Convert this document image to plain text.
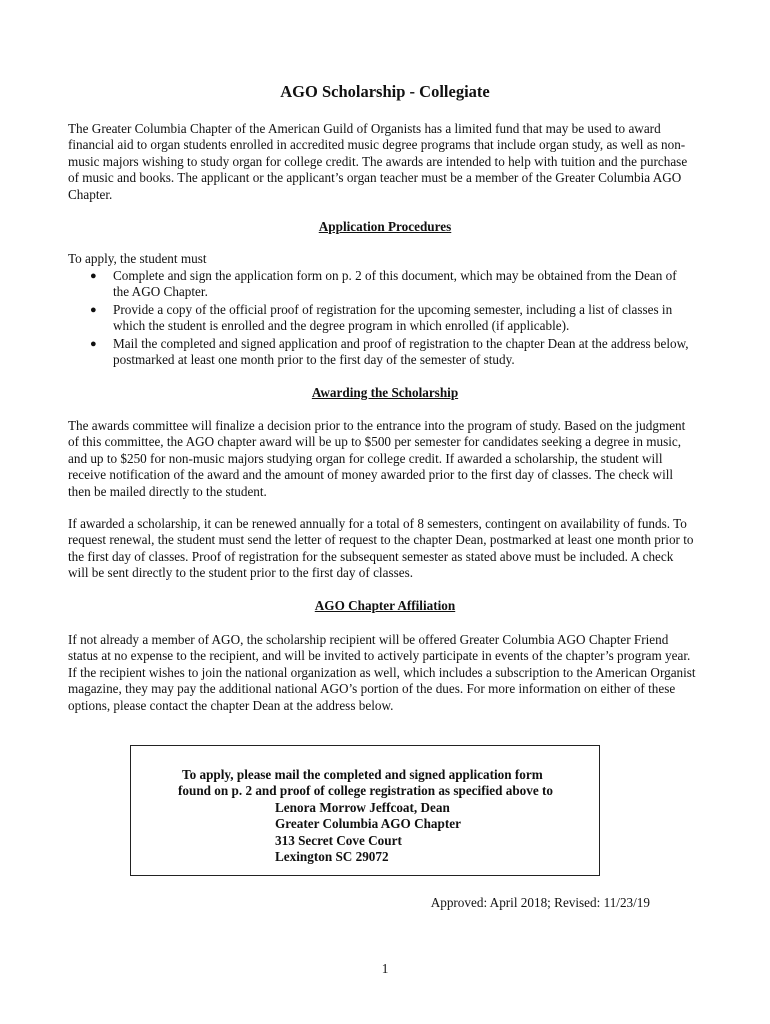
AGO Scholarship - Collegiate

The Greater Columbia Chapter of the American Guild of Organists has a limited fund that may be used to award financial aid to organ students enrolled in accredited music degree programs that include organ study, as well as non-music majors wishing to study organ for college credit. The awards are intended to help with tuition and the purchase of music and books. The applicant or the applicant’s organ teacher must be a member of the Greater Columbia AGO Chapter.

Application Procedures

To apply, the student must

● Complete and sign the application form on p. 2 of this document, which may be obtained from the Dean of the AGO Chapter.
● Provide a copy of the official proof of registration for the upcoming semester, including a list of classes in which the student is enrolled and the degree program in which enrolled (if applicable).
● Mail the completed and signed application and proof of registration to the chapter Dean at the address below, postmarked at least one month prior to the first day of the semester of study.
Awarding the Scholarship

The awards committee will finalize a decision prior to the entrance into the program of study. Based on the judgment of this committee, the AGO chapter award will be up to $500 per semester for candidates seeking a degree in music, and up to $250 for non-music majors studying organ for college credit. If awarded a scholarship, the student will receive notification of the award and the amount of money awarded prior to the first day of classes. The check will then be mailed directly to the student.

If awarded a scholarship, it can be renewed annually for a total of 8 semesters, contingent on availability of funds. To request renewal, the student must send the letter of request to the chapter Dean, postmarked at least one month prior to the first day of classes. Proof of registration for the subsequent semester as stated above must be included. A check will be sent directly to the student prior to the first day of classes.

AGO Chapter Affiliation

If not already a member of AGO, the scholarship recipient will be offered Greater Columbia AGO Chapter Friend status at no expense to the recipient, and will be invited to actively participate in events of the chapter’s program year. If the recipient wishes to join the national organization as well, which includes a subscription to the American Organist magazine, they may pay the additional national AGO’s portion of the dues. For more information on either of these options, please contact the chapter Dean at the address below.

To apply, please mail the completed and signed application form

found on p. 2 and proof of college registration as specified above to

Lenora Morrow Jeffcoat, Dean

Greater Columbia AGO Chapter

313 Secret Cove Court

Lexington SC 29072

Approved: April 2018; Revised: 11/23/19

1
